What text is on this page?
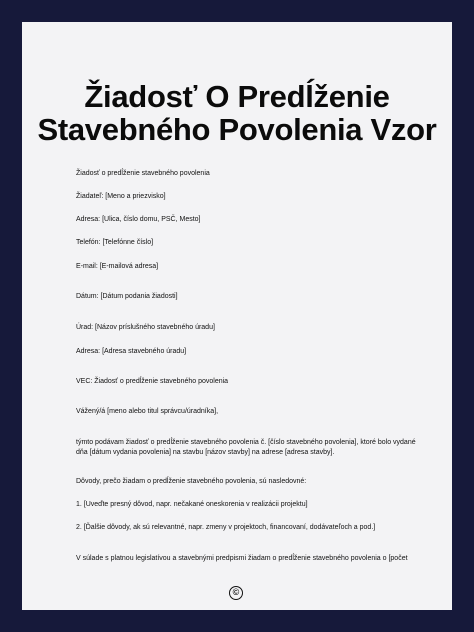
Žiadosť O Predĺženie
Stavebného Povolenia Vzor
Žiadosť o predĺženie stavebného povolenia
Žiadateľ: [Meno a priezvisko]
Adresa: [Ulica, číslo domu, PSČ, Mesto]
Telefón: [Telefónne číslo]
E-mail: [E-mailová adresa]
Dátum: [Dátum podania žiadosti]
Úrad: [Názov príslušného stavebného úradu]
Adresa: [Adresa stavebného úradu]
VEC: Žiadosť o predĺženie stavebného povolenia
Vážený/á [meno alebo titul správcu/úradníka],
týmto podávam žiadosť o predĺženie stavebného povolenia č. [číslo stavebného povolenia], ktoré bolo vydané dňa [dátum vydania povolenia] na stavbu [názov stavby] na adrese [adresa stavby].
Dôvody, prečo žiadam o predĺženie stavebného povolenia, sú nasledovné:
1. [Uveďte presný dôvod, napr. nečakané oneskorenia v realizácii projektu]
2. [Ďalšie dôvody, ak sú relevantné, napr. zmeny v projektoch, financovaní, dodávateľoch a pod.]
V súlade s platnou legislatívou a stavebnými predpismi žiadam o predĺženie stavebného povolenia o [počet
©
